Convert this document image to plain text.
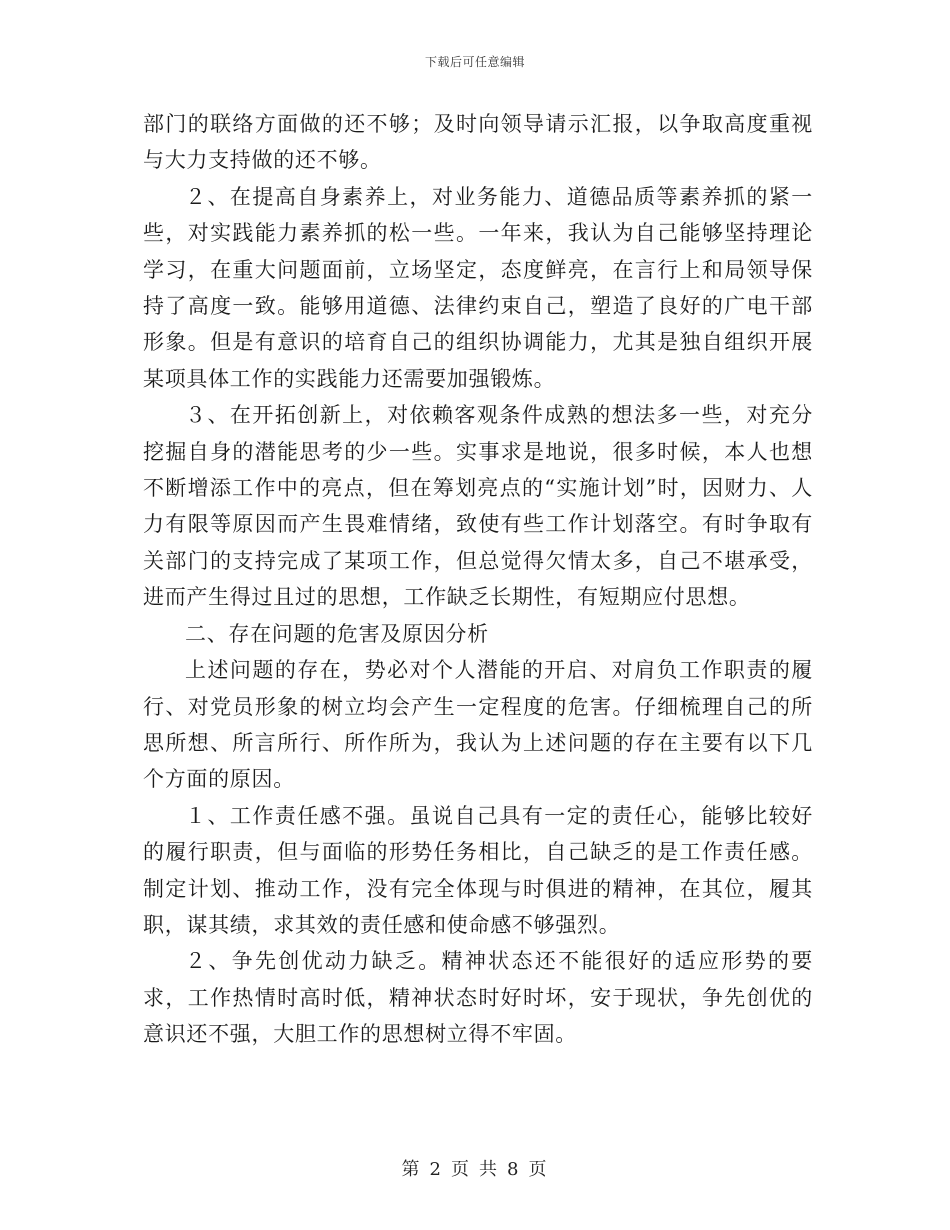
下载后可任意编辑

部门的联络方面做的还不够；及时向领导请示汇报，以争取高度重视与大力支持做的还不够。

２、在提高自身素养上，对业务能力、道德品质等素养抓的紧一些，对实践能力素养抓的松一些。一年来，我认为自己能够坚持理论学习，在重大问题面前，立场坚定，态度鲜亮，在言行上和局领导保持了高度一致。能够用道德、法律约束自己，塑造了良好的广电干部形象。但是有意识的培育自己的组织协调能力，尤其是独自组织开展某项具体工作的实践能力还需要加强锻炼。

３、在开拓创新上，对依赖客观条件成熟的想法多一些，对充分挖掘自身的潜能思考的少一些。实事求是地说，很多时候，本人也想不断增添工作中的亮点，但在筹划亮点的“实施计划”时，因财力、人力有限等原因而产生畏难情绪，致使有些工作计划落空。有时争取有关部门的支持完成了某项工作，但总觉得欠情太多，自己不堪承受，进而产生得过且过的思想，工作缺乏长期性，有短期应付思想。

二、存在问题的危害及原因分析

上述问题的存在，势必对个人潜能的开启、对肩负工作职责的履行、对党员形象的树立均会产生一定程度的危害。仔细梳理自己的所思所想、所言所行、所作所为，我认为上述问题的存在主要有以下几个方面的原因。

１、工作责任感不强。虽说自己具有一定的责任心，能够比较好的履行职责，但与面临的形势任务相比，自己缺乏的是工作责任感。制定计划、推动工作，没有完全体现与时俱进的精神，在其位，履其职，谋其绩，求其效的责任感和使命感不够强烈。

２、争先创优动力缺乏。精神状态还不能很好的适应形势的要求，工作热情时高时低，精神状态时好时坏，安于现状，争先创优的意识还不强，大胆工作的思想树立得不牢固。

第 2 页 共 8 页
